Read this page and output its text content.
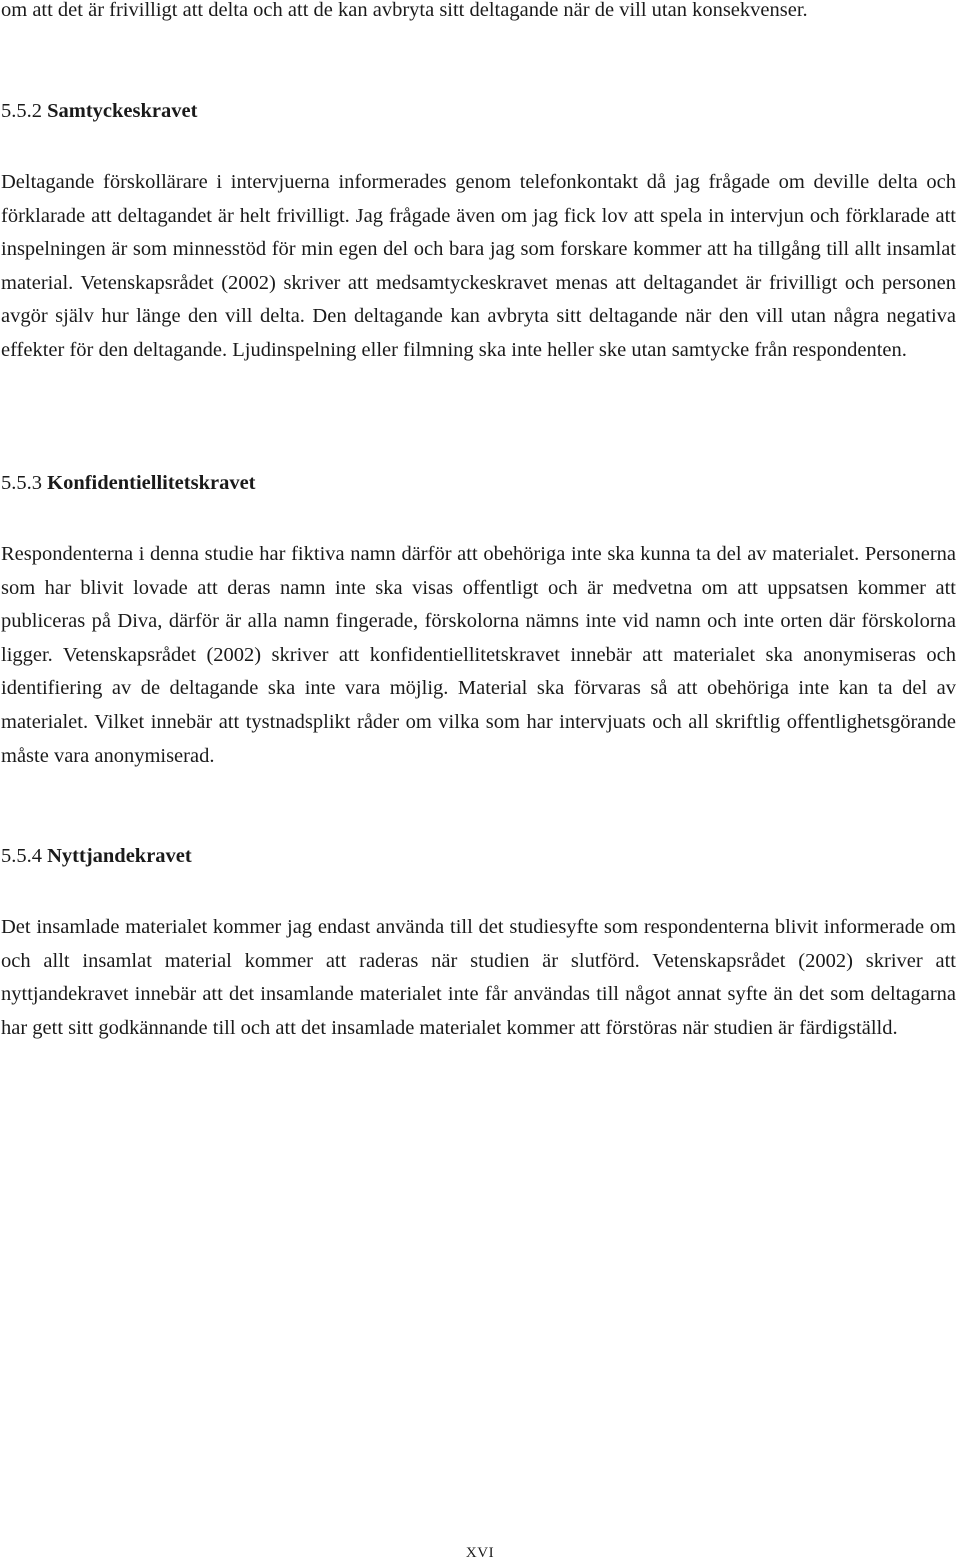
om att det är frivilligt att delta och att de kan avbryta sitt deltagande när de vill utan konsekvenser.

5.5.2 Samtyckeskravet

Deltagande förskollärare i intervjuerna informerades genom telefonkontakt då jag frågade om deville delta och förklarade att deltagandet är helt frivilligt. Jag frågade även om jag fick lov att spela in intervjun och förklarade att inspelningen är som minnesstöd för min egen del och bara jag som forskare kommer att ha tillgång till allt insamlat material. Vetenskapsrådet (2002) skriver att medsamtyckeskravet menas att deltagandet är frivilligt och personen avgör själv hur länge den vill delta. Den deltagande kan avbryta sitt deltagande när den vill utan några negativa effekter för den deltagande. Ljudinspelning eller filmning ska inte heller ske utan samtycke från respondenten.

5.5.3 Konfidentiellitetskravet

Respondenterna i denna studie har fiktiva namn därför att obehöriga inte ska kunna ta del av materialet. Personerna som har blivit lovade att deras namn inte ska visas offentligt och är medvetna om att uppsatsen kommer att publiceras på Diva, därför är alla namn fingerade, förskolorna nämns inte vid namn och inte orten där förskolorna ligger. Vetenskapsrådet (2002) skriver att konfidentiellitetskravet innebär att materialet ska anonymiseras och identifiering av de deltagande ska inte vara möjlig. Material ska förvaras så att obehöriga inte kan ta del av materialet. Vilket innebär att tystnadsplikt råder om vilka som har intervjuats och all skriftlig offentlighetsgörande måste vara anonymiserad.

5.5.4 Nyttjandekravet

Det insamlade materialet kommer jag endast använda till det studiesyfte som respondenterna blivit informerade om och allt insamlat material kommer att raderas när studien är slutförd. Vetenskapsrådet (2002) skriver att nyttjandekravet innebär att det insamlande materialet inte får användas till något annat syfte än det som deltagarna har gett sitt godkännande till och att det insamlade materialet kommer att förstöras när studien är färdigställd.

XVI
